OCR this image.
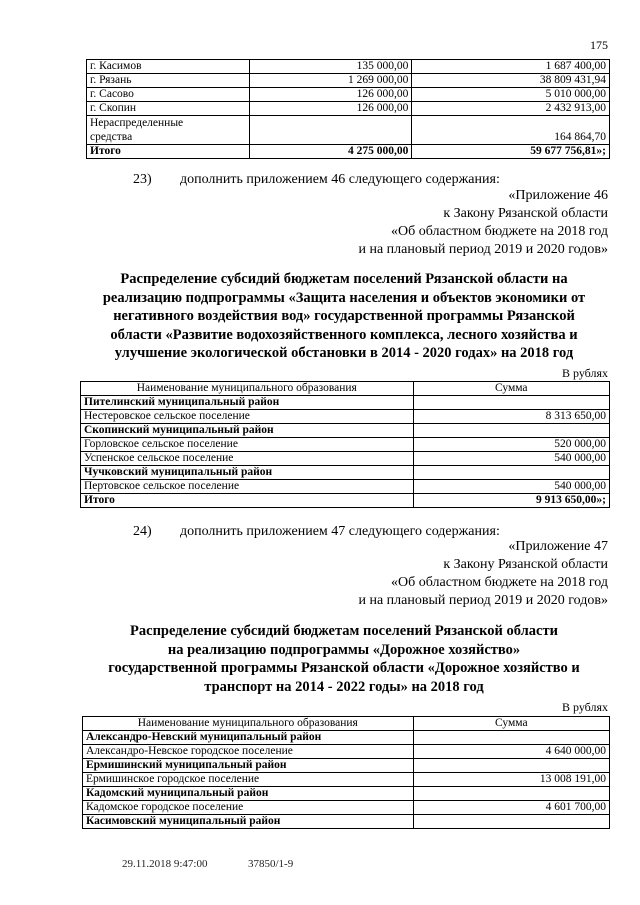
175
г. Касимов	135 000,00	1 687 400,00
г. Рязань	1 269 000,00	38 809 431,94
г. Сасово	126 000,00	5 010 000,00
г. Скопин	126 000,00	2 432 913,00

Нераспределенные
средства		164 864,70
Итого	4 275 000,00	59 677 756,81»;
23) дополнить приложением 46 следующего содержания:
«Приложение 46
к Закону Рязанской области
«Об областном бюджете на 2018 год
и на плановый период 2019 и 2020 годов»
Распределение субсидий бюджетам поселений Рязанской области на
реализацию подпрограммы «Защита населения и объектов экономики от
негативного воздействия вод» государственной программы Рязанской
области «Развитие водохозяйственного комплекса, лесного хозяйства и
улучшение экологической обстановки в 2014 - 2020 годах» на 2018 год
В рублях
Наименование муниципального образования	Сумма
Пителинский муниципальный район	
Нестеровское сельское поселение	8 313 650,00
Скопинский муниципальный район	
Горловское сельское поселение	520 000,00
Успенское сельское поселение	540 000,00
Чучковский муниципальный район	
Пертовское сельское поселение	540 000,00
Итого	9 913 650,00»;
24) дополнить приложением 47 следующего содержания:
«Приложение 47
к Закону Рязанской области
«Об областном бюджете на 2018 год
и на плановый период 2019 и 2020 годов»
Распределение субсидий бюджетам поселений Рязанской области
на реализацию подпрограммы «Дорожное хозяйство»
государственной программы Рязанской области «Дорожное хозяйство и
транспорт на 2014 - 2022 годы» на 2018 год
В рублях
Наименование муниципального образования	Сумма
Александро-Невский муниципальный район	
Александро-Невское городское поселение	4 640 000,00
Ермишинский муниципальный район	
Ермишинское городское поселение	13 008 191,00
Кадомский муниципальный район	
Кадомское городское поселение	4 601 700,00
Касимовский муниципальный район	
29.11.2018 9:47:00	37850/1-9
